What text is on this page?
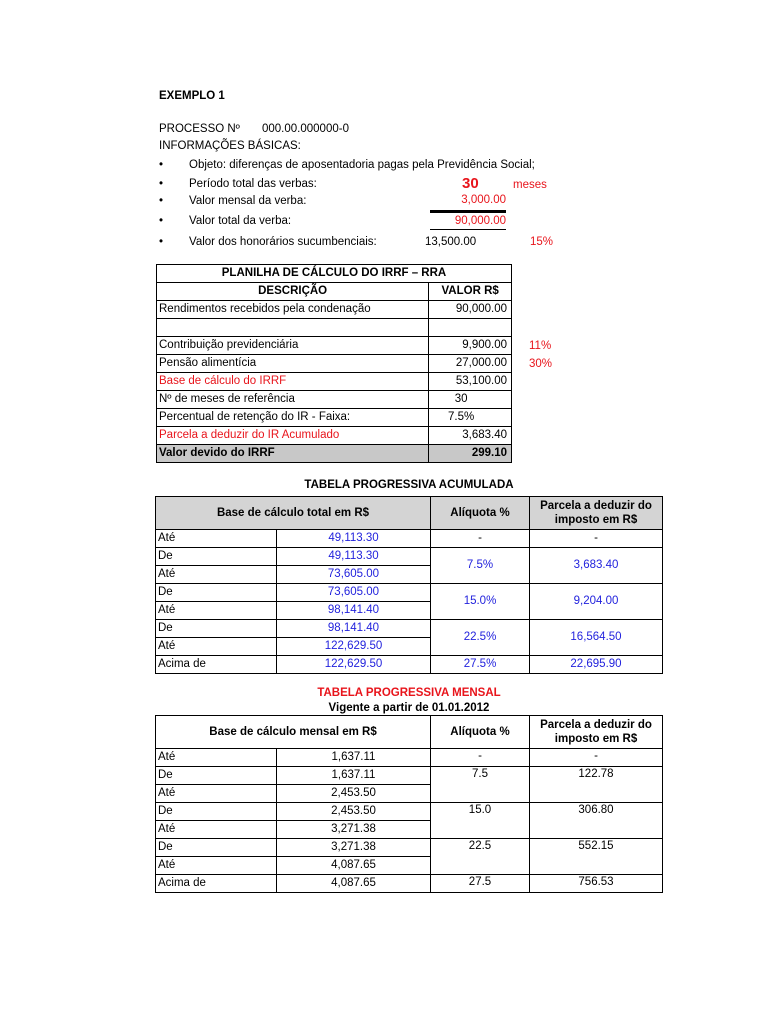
EXEMPLO 1
PROCESSO Nº 000.00.000000-0
INFORMAÇÕES BÁSICAS:
• Objeto: diferenças de aposentadoria pagas pela Previdência Social;
• Período total das verbas:	30	meses
• Valor mensal da verba:	3,000.00
• Valor total da verba:	90,000.00
• Valor dos honorários sucumbenciais:	13,500.00	15%
PLANILHA DE CÁLCULO DO IRRF – RRA	
DESCRIÇÃO	VALOR R$
Rendimentos recebidos pela condenação	90,000.00

Contribuição previdenciária	9,900.00
Pensão alimentícia	27,000.00
Base de cálculo do IRRF	53,100.00
Nº de meses de referência	30
Percentual de retenção do IR - Faixa:	7.5%
Parcela a deduzir do IR Acumulado	3,683.40
Valor devido do IRRF	299.10
11%
30%
TABELA PROGRESSIVA ACUMULADA
Base de cálculo total em R$		Alíquota %	Parcela a deduzir do imposto em R$
Até	49,113.30	-	-
De	49,113.30	7.5%	3,683.40
Até	73,605.00		
De	73,605.00	15.0%	9,204.00
Até	98,141.40		
De	98,141.40	22.5%	16,564.50
Até	122,629.50		
Acima de	122,629.50	27.5%	22,695.90
TABELA PROGRESSIVA MENSAL
Vigente a partir de 01.01.2012
Base de cálculo mensal em R$		Alíquota %	Parcela a deduzir do imposto em R$
Até	1,637.11	-	-
De	1,637.11	7.5	122.78
Até	2,453.50		
De	2,453.50	15.0	306.80
Até	3,271.38		
De	3,271.38	22.5	552.15
Até	4,087.65		
Acima de	4,087.65	27.5	756.53
